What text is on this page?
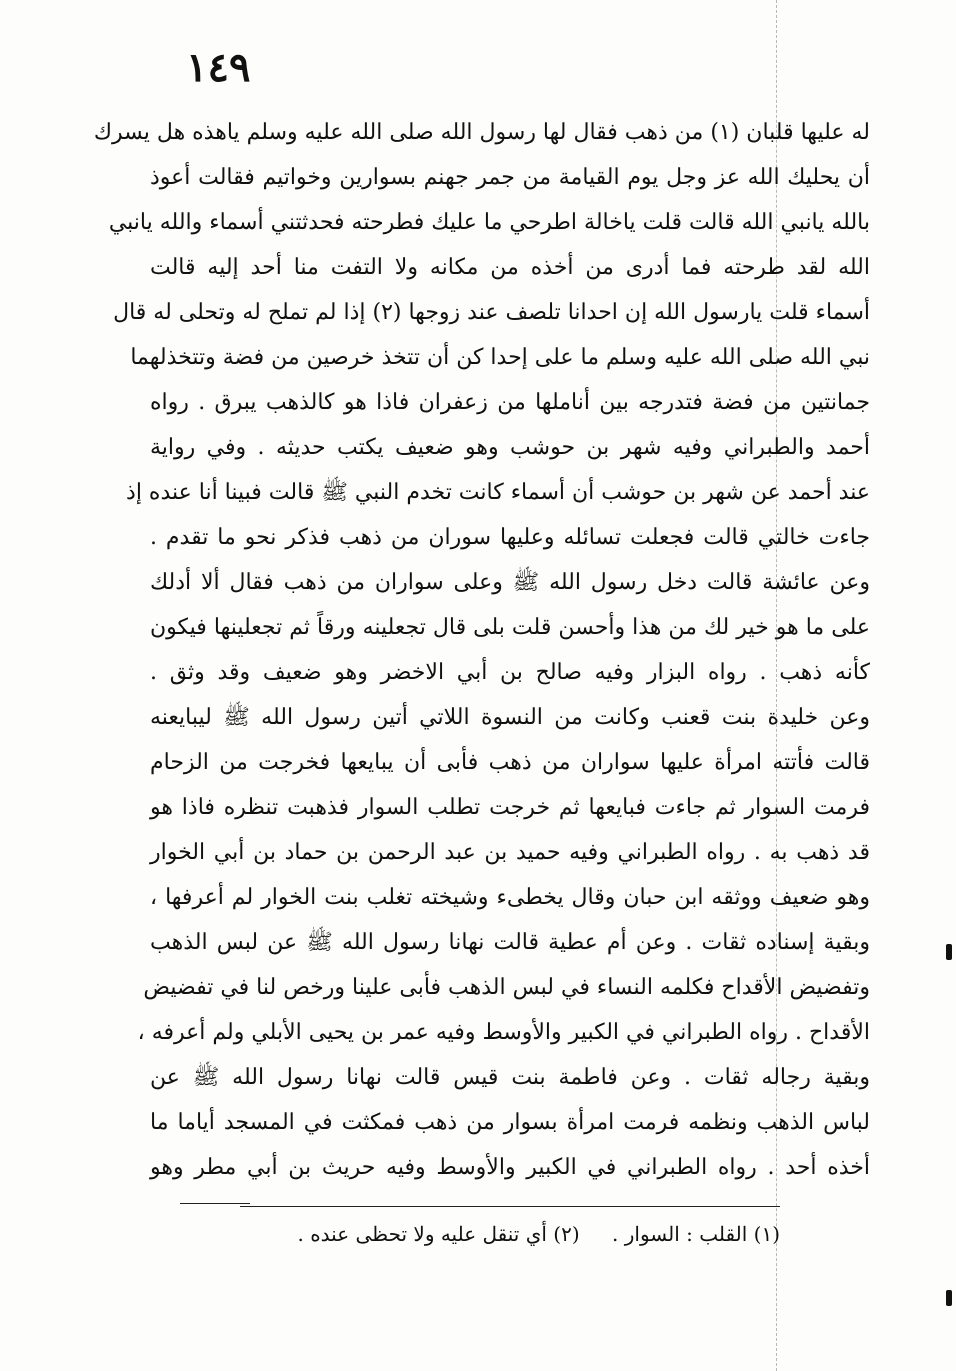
١٤٩
له عليها قلبان (١) من ذهب فقال لها رسول الله صلى الله عليه وسلم ياهذه هل يسرك
أن يحليك الله عز وجل يوم القيامة من جمر جهنم بسوارين وخواتيم فقالت أعوذ
بالله يانبي الله قالت قلت ياخالة اطرحي ما عليك فطرحته فحدثتني أسماء والله يانبي
الله لقد طرحته فما أدرى من أخذه من مكانه ولا التفت منا أحد إليه قالت
أسماء قلت يارسول الله إن احدانا تلصف عند زوجها (٢) إذا لم تملح له وتحلى له قال
نبي الله صلى الله عليه وسلم ما على إحدا كن أن تتخذ خرصين من فضة وتتخذلهما
جمانتين من فضة فتدرجه بين أناملها من زعفران فاذا هو كالذهب يبرق . رواه
أحمد والطبراني وفيه شهر بن حوشب وهو ضعيف يكتب حديثه . وفي رواية
عند أحمد عن شهر بن حوشب أن أسماء كانت تخدم النبي ﷺ قالت فبينا أنا عنده إذ
جاءت خالتي قالت فجعلت تسائله وعليها سوران من ذهب فذكر نحو ما تقدم .
وعن عائشة قالت دخل رسول الله ﷺ وعلى سواران من ذهب فقال ألا أدلك
على ما هو خير لك من هذا وأحسن قلت بلى قال تجعلينه ورقاً ثم تجعلينها فيكون
كأنه ذهب . رواه البزار وفيه صالح بن أبي الاخضر وهو ضعيف وقد وثق .
وعن خليدة بنت قعنب وكانت من النسوة اللاتي أتين رسول الله ﷺ ليبايعنه
قالت فأتته امرأة عليها سواران من ذهب فأبى أن يبايعها فخرجت من الزحام
فرمت السوار ثم جاءت فبايعها ثم خرجت تطلب السوار فذهبت تنظره فاذا هو
قد ذهب به . رواه الطبراني وفيه حميد بن عبد الرحمن بن حماد بن أبي الخوار
وهو ضعيف ووثقه ابن حبان وقال يخطىء وشيخته تغلب بنت الخوار لم أعرفها ،
وبقية إسناده ثقات . وعن أم عطية قالت نهانا رسول الله ﷺ عن لبس الذهب
وتفضيض الأقداح فكلمه النساء في لبس الذهب فأبى علينا ورخص لنا في تفضيض
الأقداح . رواه الطبراني في الكبير والأوسط وفيه عمر بن يحيى الأبلي ولم أعرفه ،
وبقية رجاله ثقات . وعن فاطمة بنت قيس قالت نهانا رسول الله ﷺ عن
لباس الذهب ونظمه فرمت امرأة بسوار من ذهب فمكثت في المسجد أياما ما
أخذه أحد . رواه الطبراني في الكبير والأوسط وفيه حريث بن أبي مطر وهو
(١) القلب : السوار . (٢) أي تنقل عليه ولا تحظى عنده .
